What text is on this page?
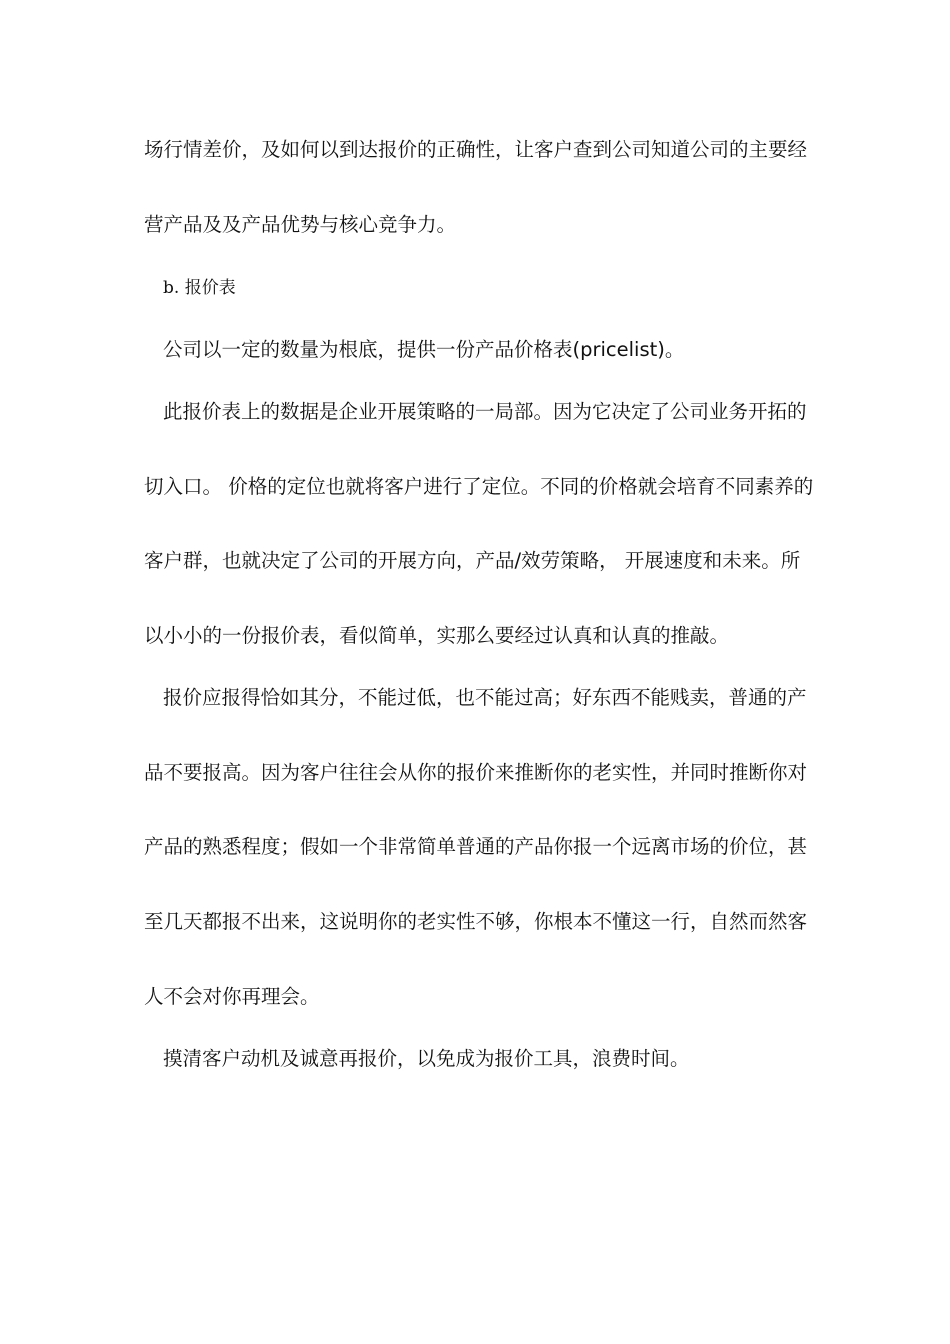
场行情差价，及如何以到达报价的正确性，让客户查到公司知道公司的主要经
营产品及及产品优势与核心竞争力。
b. 报价表
公司以一定的数量为根底，提供一份产品价格表(pricelist)。
此报价表上的数据是企业开展策略的一局部。因为它决定了公司业务开拓的
切入口。 价格的定位也就将客户进行了定位。不同的价格就会培育不同素养的
客户群，也就决定了公司的开展方向，产品/效劳策略， 开展速度和未来。所
以小小的一份报价表，看似简单，实那么要经过认真和认真的推敲。
报价应报得恰如其分，不能过低，也不能过高；好东西不能贱卖，普通的产
品不要报高。因为客户往往会从你的报价来推断你的老实性，并同时推断你对
产品的熟悉程度；假如一个非常简单普通的产品你报一个远离市场的价位，甚
至几天都报不出来，这说明你的老实性不够，你根本不懂这一行，自然而然客
人不会对你再理会。
摸清客户动机及诚意再报价，以免成为报价工具，浪费时间。
